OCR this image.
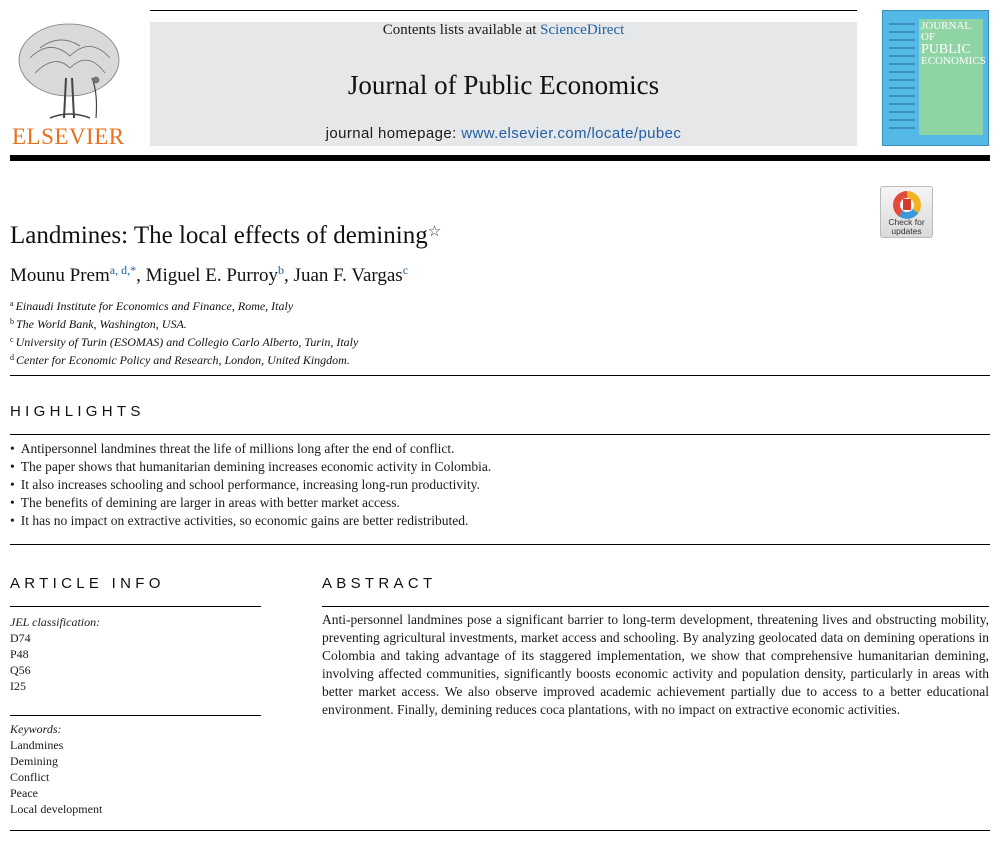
ELSEVIER
Contents lists available at ScienceDirect
Journal of Public Economics
journal homepage: www.elsevier.com/locate/pubec
JOURNAL OF
PUBLIC
ECONOMICS
Check for
updates
Landmines: The local effects of demining☆
Mounu Prem$^{a, d,*}$, Miguel E. Purroy$^b$, Juan F. Vargas$^c$
$^a$ Einaudi Institute for Economics and Finance, Rome, Italy
$^b$ The World Bank, Washington, USA.
$^c$ University of Turin (ESOMAS) and Collegio Carlo Alberto, Turin, Italy
$^d$ Center for Economic Policy and Research, London, United Kingdom.
HIGHLIGHTS
• Antipersonnel landmines threat the life of millions long after the end of conflict.
• The paper shows that humanitarian demining increases economic activity in Colombia.
• It also increases schooling and school performance, increasing long-run productivity.
• The benefits of demining are larger in areas with better market access.
• It has no impact on extractive activities, so economic gains are better redistributed.
ARTICLE INFO
JEL classification:
D74
P48
Q56
I25
Keywords:
Landmines
Demining
Conflict
Peace
Local development
ABSTRACT
Anti-personnel landmines pose a significant barrier to long-term development, threatening lives and obstructing mobility, preventing agricultural investments, market access and schooling. By analyzing geolocated data on demining operations in Colombia and taking advantage of its staggered implementation, we show that comprehensive humanitarian demining, involving affected communities, significantly boosts economic activity and population density, particularly in areas with better market access. We also observe improved academic achievement partially due to access to a better educational environment. Finally, demining reduces coca plantations, with no impact on extractive economic activities.
